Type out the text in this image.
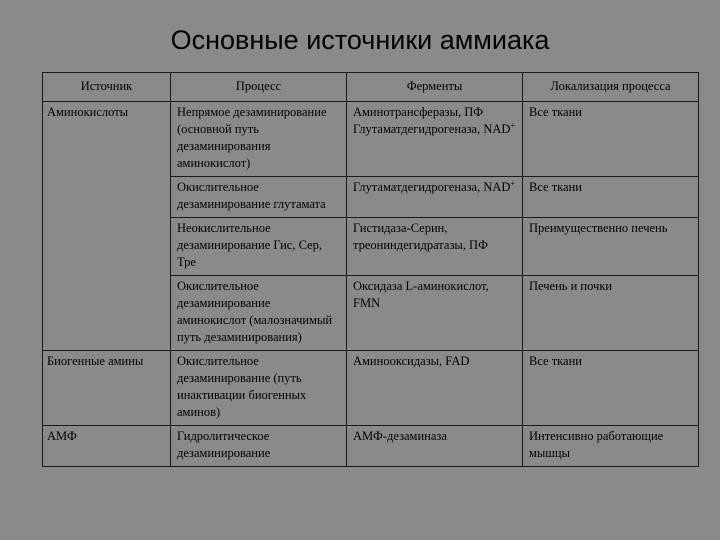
Основные источники аммиака
Источник	Процесс	Ферменты	Локализация процесса
Аминокислоты	Непрямое дезаминирование (основной путь дезаминирования аминокислот)	Аминотрансферазы, ПФ Глутаматдегидрогеназа, NAD+	Все ткани
	Окислительное дезаминирование глутамата	Глутаматдегидрогеназа, NAD+	Все ткани
	Неокислительное дезаминирование Гис, Сер, Тре	Гистидаза-Серин, треониндегидратазы, ПФ	Преимущественно печень
	Окислительное дезаминирование аминокислот (малозначимый путь дезаминирования)	Оксидаза L-аминокислот, FMN	Печень и почки
Биогенные амины	Окислительное дезаминирование (путь инактивации биогенных аминов)	Аминооксидазы, FAD	Все ткани
АМФ	Гидролитическое дезаминирование	АМФ-дезаминаза	Интенсивно работающие мышцы
